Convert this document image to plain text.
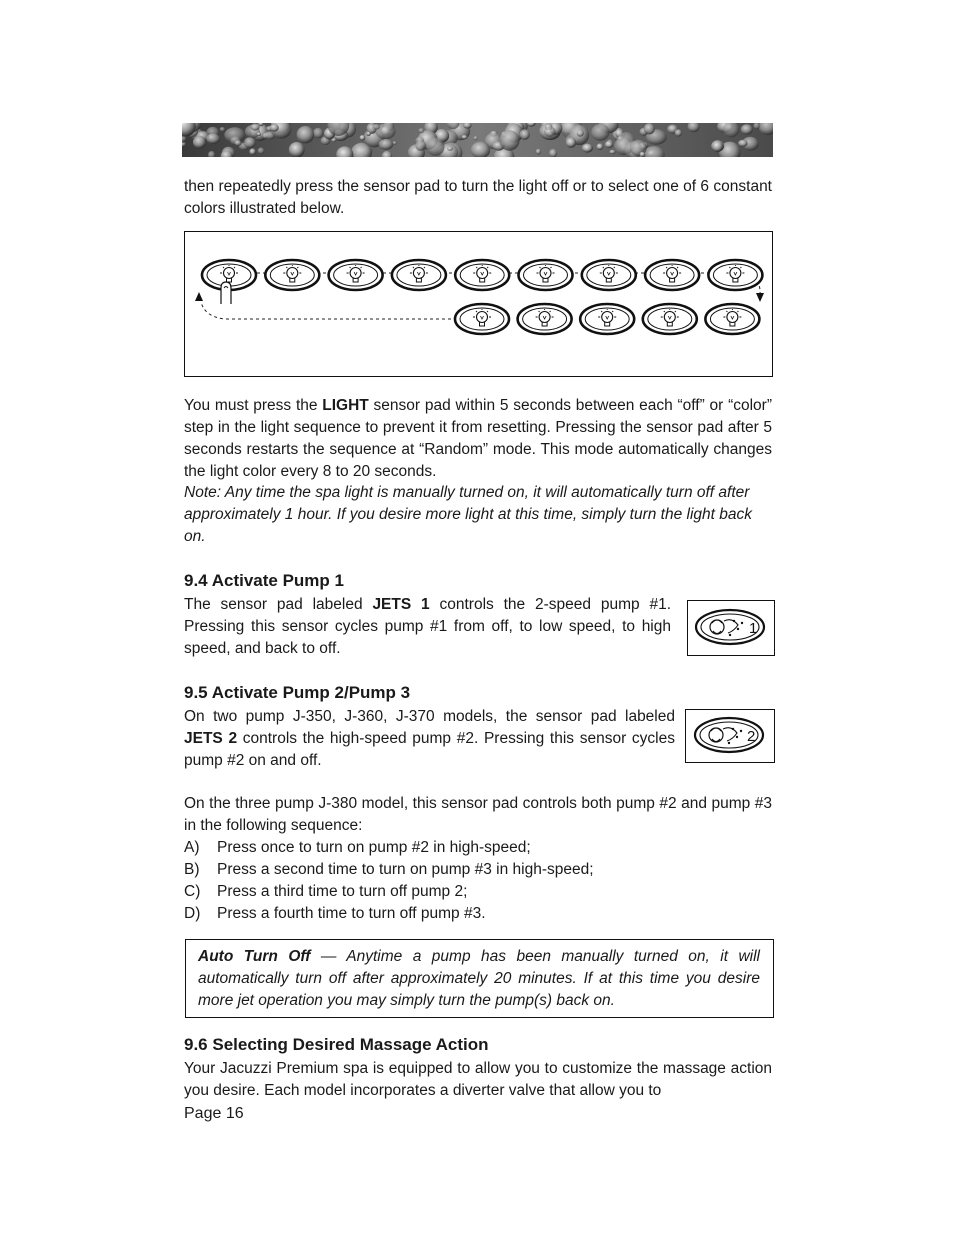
then repeatedly press the sensor pad to turn the light off or to select one of 6 constant colors illustrated below.

You must press the LIGHT sensor pad within 5 seconds between each “off” or “color” step in the light sequence to prevent it from resetting. Pressing the sensor pad after 5 seconds restarts the sequence at “Random” mode. This mode automatically changes the light color every 8 to 20 seconds.

Note: Any time the spa light is manually turned on, it will automatically turn off after approximately 1 hour. If you desire more light at this time, simply turn the light back on.

9.4 Activate Pump 1

The sensor pad labeled JETS 1 controls the 2-speed pump #1. Pressing this sensor cycles pump #1 from off, to low speed, to high speed, and back to off.

1
9.5 Activate Pump 2/Pump 3

On two pump J-350, J-360, J-370 models, the sensor pad labeled JETS 2 controls the high-speed pump #2. Pressing this sensor cycles pump #2 on and off.

2

On the three pump J-380 model, this sensor pad controls both pump #2 and pump #3 in the following sequence:

A) Press once to turn on pump #2 in high-speed;
B) Press a second time to turn on pump #3 in high-speed;
C) Press a third time to turn off pump 2;
D) Press a fourth time to turn off pump #3.

Auto Turn Off — Anytime a pump has been manually turned on, it will automatically turn off after approximately 20 minutes. If at this time you desire more jet operation you may simply turn the pump(s) back on.

9.6 Selecting Desired Massage Action

Your Jacuzzi Premium spa is equipped to allow you to customize the massage action you desire. Each model incorporates a diverter valve that allow you to

Page 16
